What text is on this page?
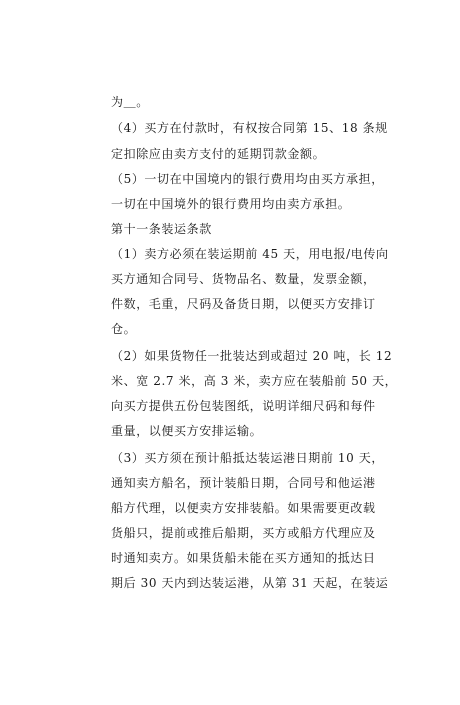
为＿。
（4）买方在付款时，有权按合同第 15、18 条规
定扣除应由卖方支付的延期罚款金额。
（5）一切在中国境内的银行费用均由买方承担，
一切在中国境外的银行费用均由卖方承担。
第十一条装运条款
（1）卖方必须在装运期前 45 天，用电报/电传向
买方通知合同号、货物品名、数量，发票金额，
件数，毛重，尺码及备货日期，以便买方安排订
仓。
（2）如果货物任一批装达到或超过 20 吨，长 12
米、宽 2.7 米，高 3 米，卖方应在装船前 50 天，
向买方提供五份包装图纸，说明详细尺码和每件
重量，以便买方安排运输。
（3）买方须在预计船抵达装运港日期前 10 天，
通知卖方船名，预计装船日期，合同号和他运港
船方代理，以便卖方安排装船。如果需要更改载
货船只，提前或推后船期，买方或船方代理应及
时通知卖方。如果货船未能在买方通知的抵达日
期后 30 天内到达装运港，从第 31 天起，在装运
